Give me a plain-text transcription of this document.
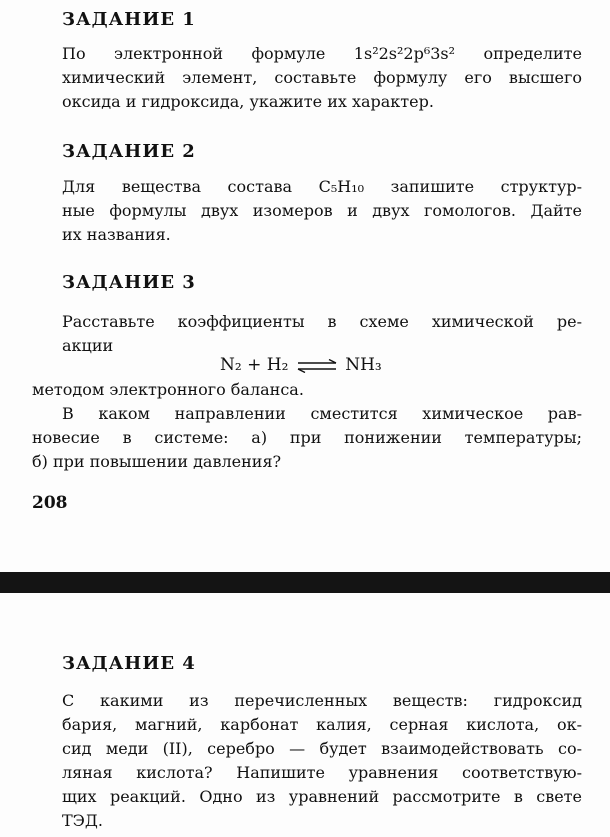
ЗАДАНИЕ 1
По электронной формуле 1s²2s²2p⁶3s² определите
химический элемент, составьте формулу его высшего
оксида и гидроксида, укажите их характер.
ЗАДАНИЕ 2
Для вещества состава C₅H₁₀ запишите структур-
ные формулы двух изомеров и двух гомологов. Дайте
их названия.
ЗАДАНИЕ 3
Расставьте коэффициенты в схеме химической ре-
акции
N₂ + H₂ ⇌ NH₃
методом электронного баланса.
В каком направлении сместится химическое рав-
новесие в системе: а) при понижении температуры;
б) при повышении давления?
208
ЗАДАНИЕ 4
С какими из перечисленных веществ: гидроксид
бария, магний, карбонат калия, серная кислота, ок-
сид меди (II), серебро — будет взаимодействовать со-
ляная кислота? Напишите уравнения соответствую-
щих реакций. Одно из уравнений рассмотрите в свете
ТЭД.
